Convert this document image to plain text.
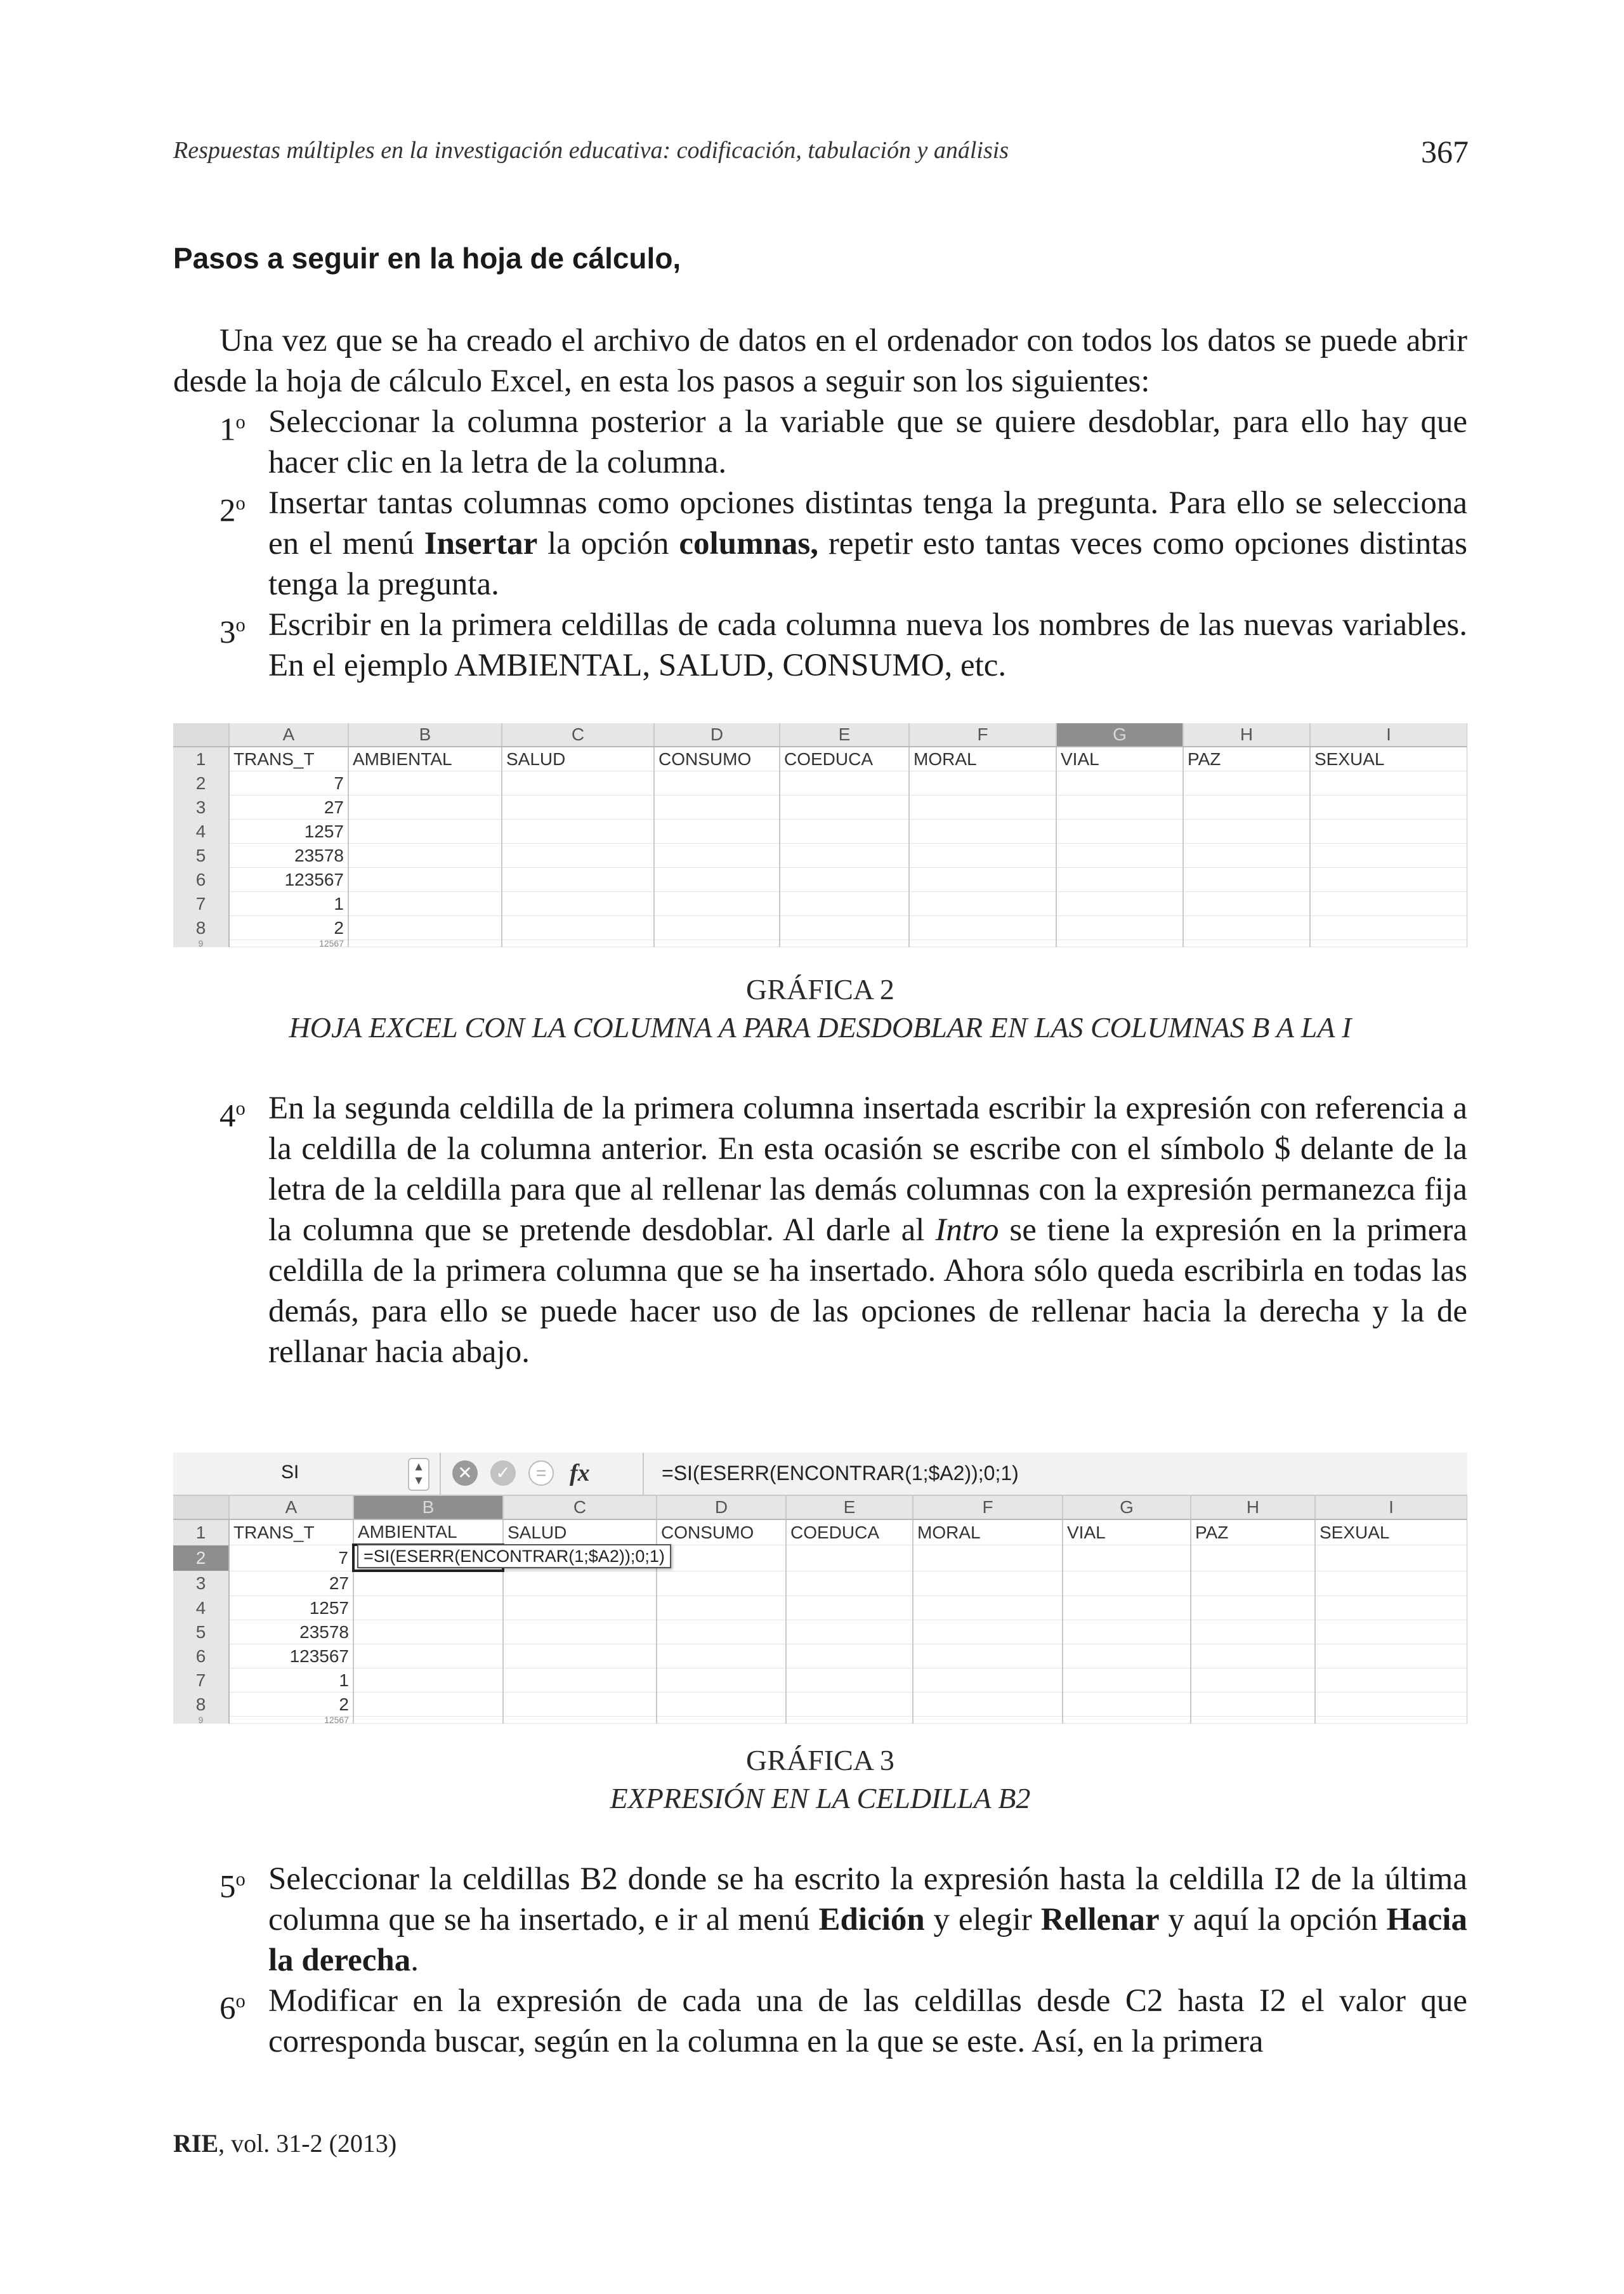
Respuestas múltiples en la investigación educativa: codificación, tabulación y análisis	367
Pasos a seguir en la hoja de cálculo,

Una vez que se ha creado el archivo de datos en el ordenador con todos los datos se puede abrir desde la hoja de cálculo Excel, en esta los pasos a seguir son los siguientes:

1$^o$ Seleccionar la columna posterior a la variable que se quiere desdoblar, para ello hay que hacer clic en la letra de la columna.

2$^o$ Insertar tantas columnas como opciones distintas tenga la pregunta. Para ello se selecciona en el menú Insertar la opción columnas, repetir esto tantas veces como opciones distintas tenga la pregunta.

3$^o$ Escribir en la primera celdillas de cada columna nueva los nombres de las nuevas variables. En el ejemplo AMBIENTAL, SALUD, CONSUMO, etc.

	A	B	C	D	E	F	G	H	I
1	TRANS_T	AMBIENTAL	SALUD	CONSUMO	COEDUCA	MORAL	VIAL	PAZ	SEXUAL
2	7								
3	27								
4	1257								
5	23578								
6	123567								
7	1								
8	2								
9	12567								
GRÁFICA 2
HOJA EXCEL CON LA COLUMNA A PARA DESDOBLAR EN LAS COLUMNAS B A LA I

4$^o$ En la segunda celdilla de la primera columna insertada escribir la expresión con referencia a la celdilla de la columna anterior. En esta ocasión se escribe con el símbolo $ delante de la letra de la celdilla para que al rellenar las demás columnas con la expresión permanezca fija la columna que se pretende desdoblar. Al darle al Intro se tiene la expresión en la primera celdilla de la primera columna que se ha insertado. Ahora sólo queda escribirla en todas las demás, para ello se puede hacer uso de las opciones de rellenar hacia la derecha y la de rellanar hacia abajo.

SI	▴
▾	✕ ✓	= fx	=SI(ESERR(ENCONTRAR(1;$A2));0;1)
	A	B	C	D	E	F	G	H	I
1	TRANS_T	AMBIENTAL	SALUD	CONSUMO	COEDUCA	MORAL	VIAL	PAZ	SEXUAL
2	7								
3	27								
4	1257								
5	23578								
6	123567								
7	1								
8	2								
9	12567								
=SI(ESERR(ENCONTRAR(1;$A2));0;1)
GRÁFICA 3
EXPRESIÓN EN LA CELDILLA B2

5$^o$ Seleccionar la celdillas B2 donde se ha escrito la expresión hasta la celdilla I2 de la última columna que se ha insertado, e ir al menú Edición y elegir Rellenar y aquí la opción Hacia la derecha.

6$^o$ Modificar en la expresión de cada una de las celdillas desde C2 hasta I2 el valor que corresponda buscar, según en la columna en la que se este. Así, en la primera

RIE, vol. 31-2 (2013)
